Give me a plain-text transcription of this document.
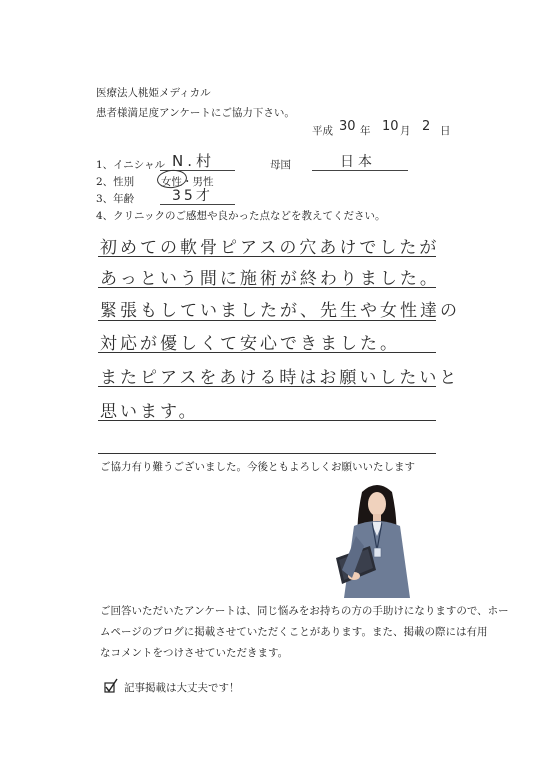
医療法人桃姫メディカル
患者様満足度アンケートにご協力下さい。
平成 30 年 10 月 2 日
1、イニシャル N.村	母国	日本
2、性別	女性・男性
3、年齢	35才
4、クリニックのご感想や良かった点などを教えてください。
初めての軟骨ピアスの穴あけでしたが
あっという間に施術が終わりました。
緊張もしていましたが、先生や女性達の
対応が優しくて安心できました。
またピアスをあける時はお願いしたいと
思います。
ご協力有り難うございました。今後ともよろしくお願いいたします
ご回答いただいたアンケートは、同じ悩みをお持ちの方の手助けになりますので、ホー
ムページのブログに掲載させていただくことがあります。また、掲載の際には有用
なコメントをつけさせていただきます。
記事掲載は大丈夫です！
